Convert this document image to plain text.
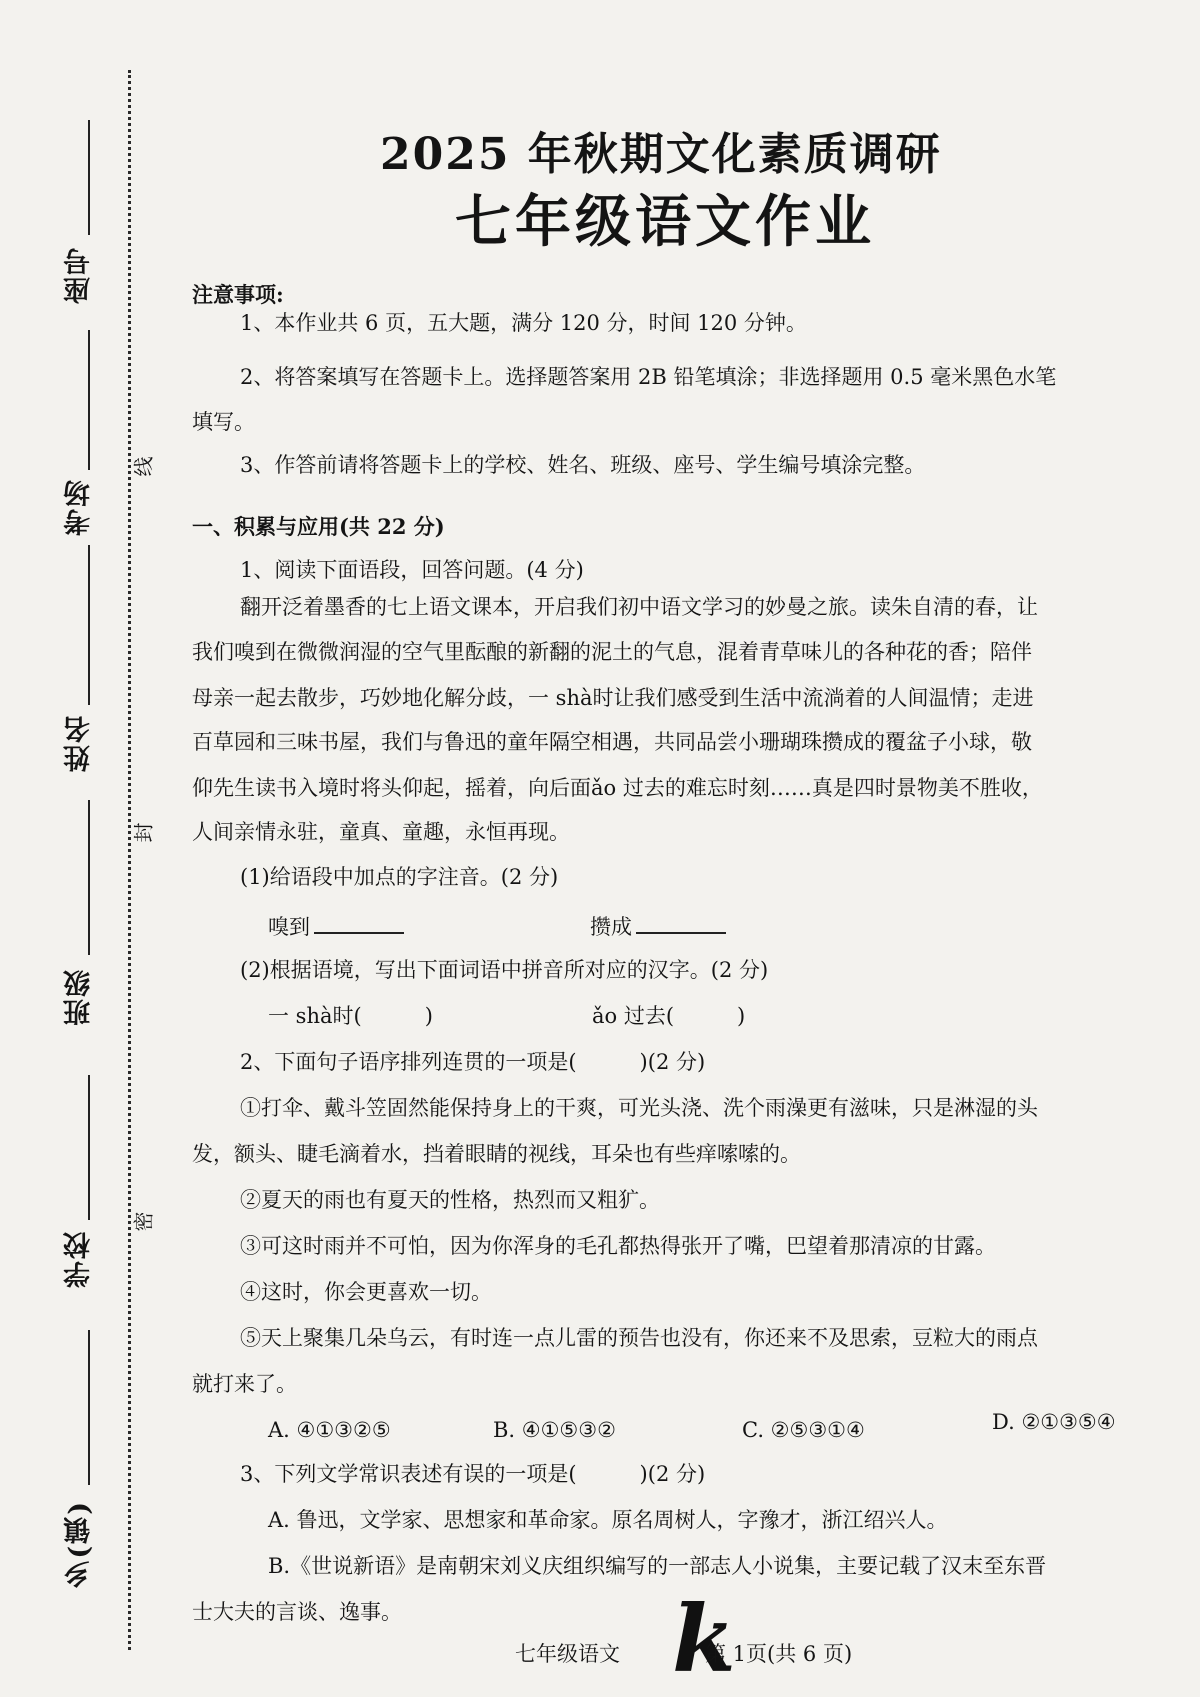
座号
考场
姓名
班级
学校
乡(镇)
线
封
密
2025 年秋期文化素质调研
七年级语文作业
注意事项:
1、本作业共 6 页，五大题，满分 120 分，时间 120 分钟。
2、将答案填写在答题卡上。选择题答案用 2B 铅笔填涂；非选择题用 0.5 毫米黑色水笔
填写。
3、作答前请将答题卡上的学校、姓名、班级、座号、学生编号填涂完整。
一、积累与应用(共 22 分)
1、阅读下面语段，回答问题。(4 分)
翻开泛着墨香的七上语文课本，开启我们初中语文学习的妙曼之旅。读朱自清的春，让
我们嗅到在微微润湿的空气里酝酿的新翻的泥土的气息，混着青草味儿的各种花的香；陪伴
母亲一起去散步，巧妙地化解分歧，一 shà时让我们感受到生活中流淌着的人间温情；走进
百草园和三味书屋，我们与鲁迅的童年隔空相遇，共同品尝小珊瑚珠攒成的覆盆子小球，敬
仰先生读书入境时将头仰起，摇着，向后面ǎo 过去的难忘时刻……真是四时景物美不胜收，
人间亲情永驻，童真、童趣，永恒再现。
(1)给语段中加点的字注音。(2 分)
嗅到	攒成
(2)根据语境，写出下面词语中拼音所对应的汉字。(2 分)
一 shà时(　　　)	ǎo 过去(　　　)
2、下面句子语序排列连贯的一项是(　　　)(2 分)
①打伞、戴斗笠固然能保持身上的干爽，可光头浇、洗个雨澡更有滋味，只是淋湿的头
发，额头、睫毛滴着水，挡着眼睛的视线，耳朵也有些痒嗦嗦的。
②夏天的雨也有夏天的性格，热烈而又粗犷。
③可这时雨并不可怕，因为你浑身的毛孔都热得张开了嘴，巴望着那清凉的甘露。
④这时，你会更喜欢一切。
⑤天上聚集几朵乌云，有时连一点儿雷的预告也没有，你还来不及思索，豆粒大的雨点
就打来了。
A. ④①③②⑤	B. ④①⑤③②	C. ②⑤③①④	D. ②①③⑤④
3、下列文学常识表述有误的一项是(　　　)(2 分)
A. 鲁迅，文学家、思想家和革命家。原名周树人，字豫才，浙江绍兴人。
B.《世说新语》是南朝宋刘义庆组织编写的一部志人小说集，主要记载了汉末至东晋
士大夫的言谈、逸事。
七年级语文 k
第 1页(共 6 页)
